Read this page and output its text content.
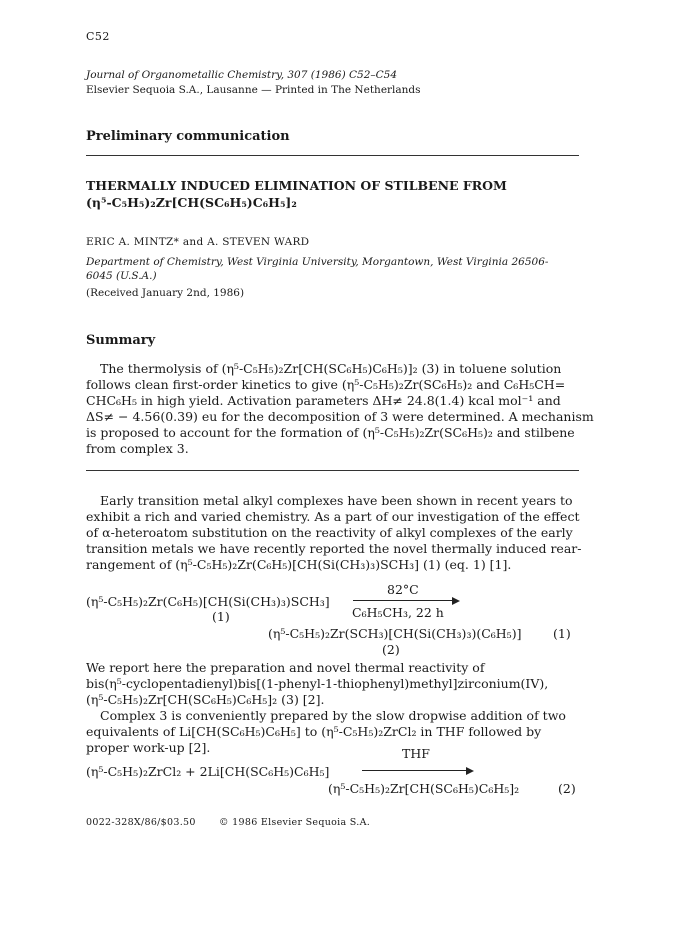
C52
Journal of Organometallic Chemistry, 307 (1986) C52–C54
Elsevier Sequoia S.A., Lausanne — Printed in The Netherlands
Preliminary communication
THERMALLY INDUCED ELIMINATION OF STILBENE FROM
(η⁵-C₅H₅)₂Zr[CH(SC₆H₅)C₆H₅]₂
ERIC A. MINTZ* and A. STEVEN WARD
Department of Chemistry, West Virginia University, Morgantown, West Virginia 26506-
6045 (U.S.A.)
(Received January 2nd, 1986)
Summary

The thermolysis of (η⁵-C₅H₅)₂Zr[CH(SC₆H₅)C₆H₅)]₂ (3) in toluene solution

follows clean first-order kinetics to give (η⁵-C₅H₅)₂Zr(SC₆H₅)₂ and C₆H₅CH=

CHC₆H₅ in high yield. Activation parameters ΔH≠ 24.8(1.4) kcal mol⁻¹ and

ΔS≠ − 4.56(0.39) eu for the decomposition of 3 were determined. A mechanism

is proposed to account for the formation of (η⁵-C₅H₅)₂Zr(SC₆H₅)₂ and stilbene

from complex 3.

Early transition metal alkyl complexes have been shown in recent years to

exhibit a rich and varied chemistry. As a part of our investigation of the effect

of α-heteroatom substitution on the reactivity of alkyl complexes of the early

transition metals we have recently reported the novel thermally induced rear-

rangement of (η⁵-C₅H₅)₂Zr(C₆H₅)[CH(Si(CH₃)₃)SCH₃] (1) (eq. 1) [1].

(η⁵-C₅H₅)₂Zr(C₆H₅)[CH(Si(CH₃)₃)SCH₃]
(1)
82°C
C₆H₅CH₃, 22 h
(η⁵-C₅H₅)₂Zr(SCH₃)[CH(Si(CH₃)₃)(C₆H₅)]	(1)
(2)

We report here the preparation and novel thermal reactivity of

bis(η⁵-cyclopentadienyl)bis[(1-phenyl-1-thiophenyl)methyl]zirconium(IV),

(η⁵-C₅H₅)₂Zr[CH(SC₆H₅)C₆H₅]₂ (3) [2].

Complex 3 is conveniently prepared by the slow dropwise addition of two

equivalents of Li[CH(SC₆H₅)C₆H₅] to (η⁵-C₅H₅)₂ZrCl₂ in THF followed by

proper work-up [2].	THF
(η⁵-C₅H₅)₂ZrCl₂ + 2Li[CH(SC₆H₅)C₆H₅]
(η⁵-C₅H₅)₂Zr[CH(SC₆H₅)C₆H₅]₂	(2)
0022-328X/86/$03.50 © 1986 Elsevier Sequoia S.A.
